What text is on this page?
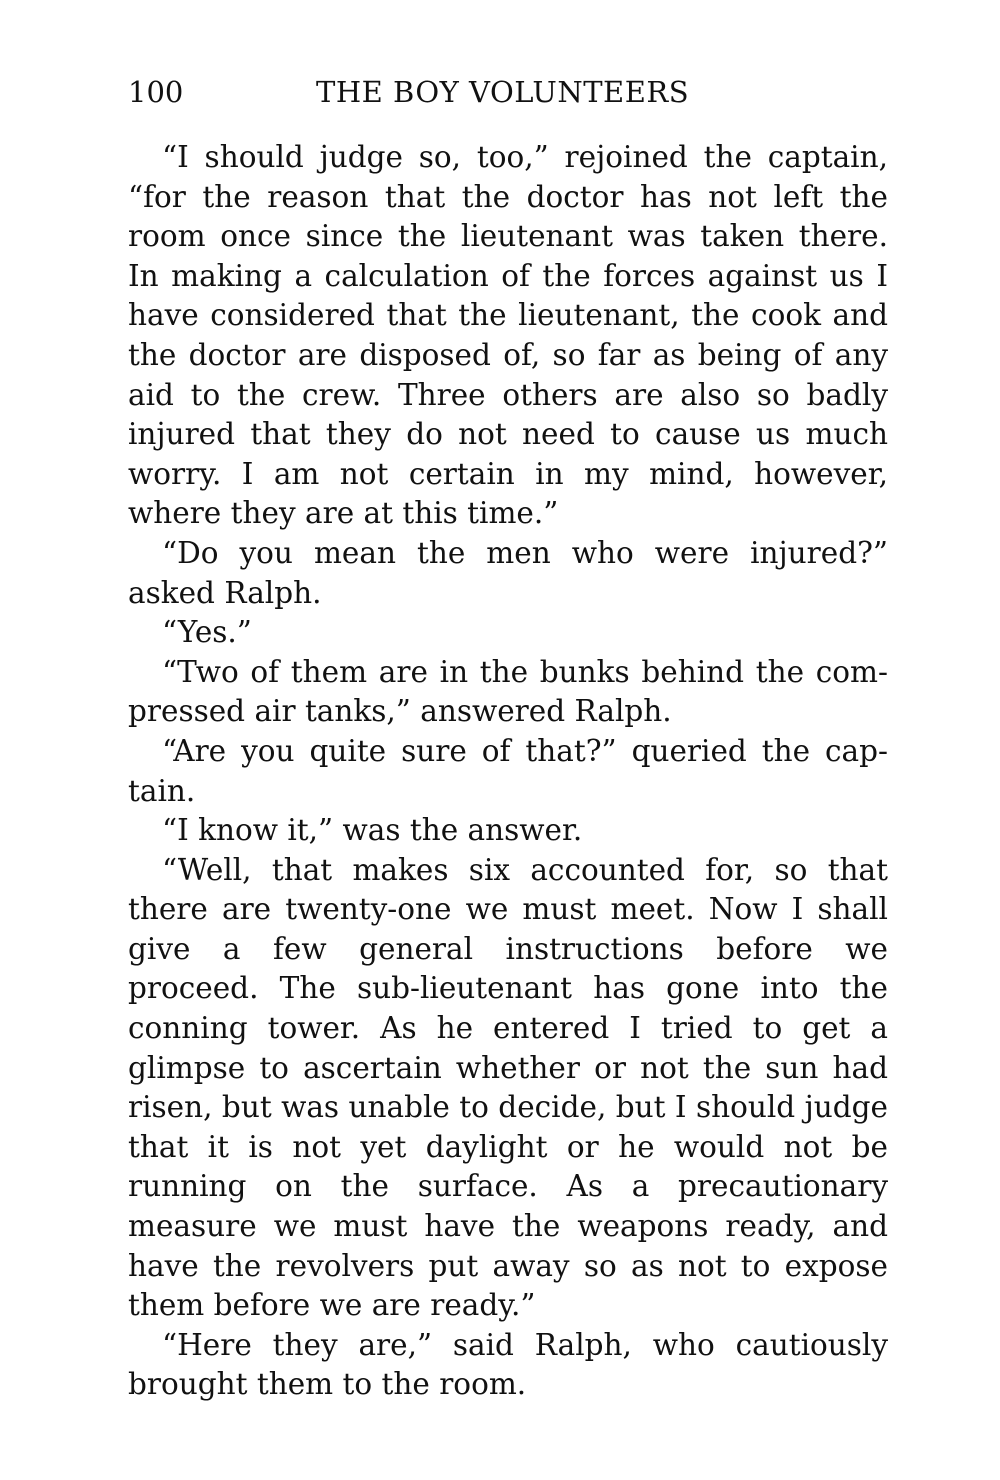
100	THE BOY VOLUNTEERS

“I should judge so, too,” rejoined the captain, “for the reason that the doctor has not left the room once since the lieutenant was taken there. In making a calculation of the forces against us I have considered that the lieutenant, the cook and the doctor are disposed of, so far as being of any aid to the crew. Three others are also so badly injured that they do not need to cause us much worry. I am not certain in my mind, however, where they are at this time.”

“Do you mean the men who were injured?” asked Ralph.

“Yes.”

“Two of them are in the bunks behind the compressed air tanks,” answered Ralph.

“Are you quite sure of that?” queried the captain.

“I know it,” was the answer.

“Well, that makes six accounted for, so that there are twenty-one we must meet. Now I shall give a few general instructions before we proceed. The sub-lieutenant has gone into the conning tower. As he entered I tried to get a glimpse to ascertain whether or not the sun had risen, but was unable to decide, but I should judge that it is not yet daylight or he would not be running on the surface. As a precautionary measure we must have the weapons ready, and have the revolvers put away so as not to expose them before we are ready.”

“Here they are,” said Ralph, who cautiously brought them to the room.
